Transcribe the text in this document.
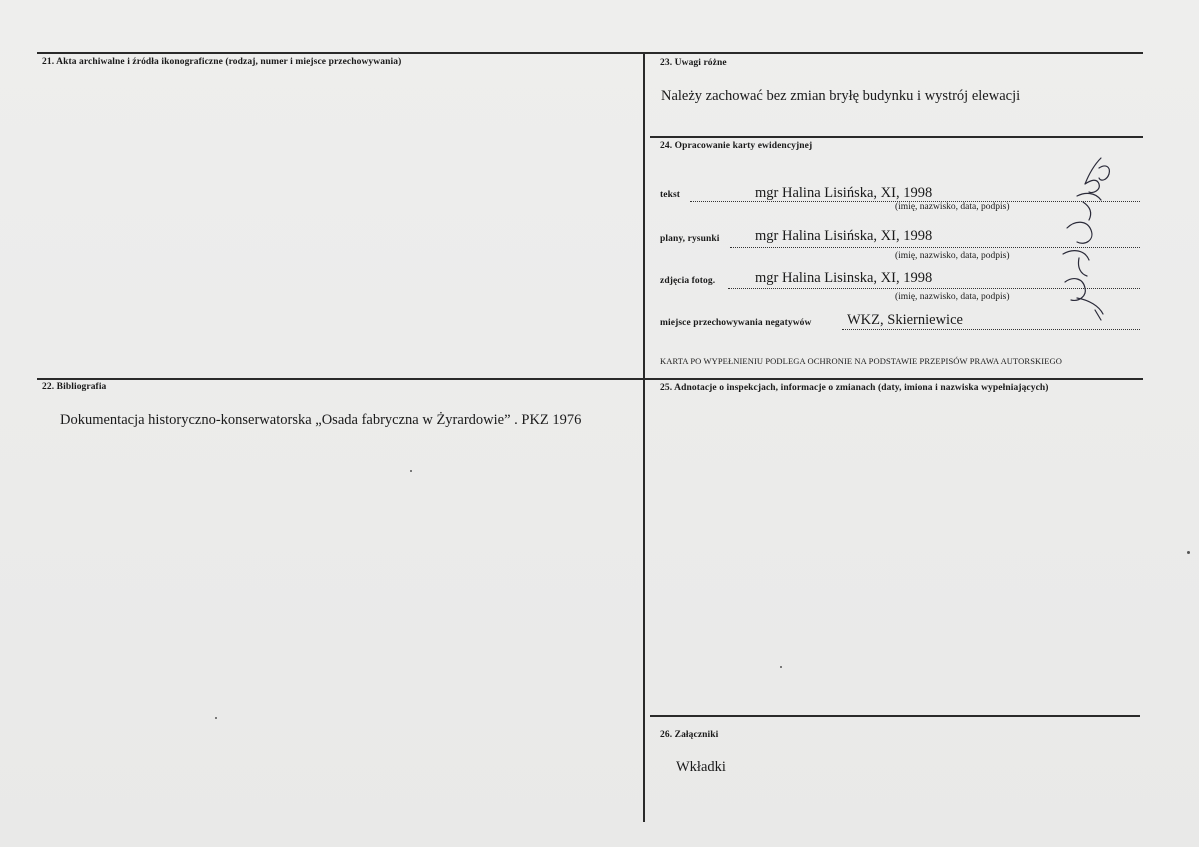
21. Akta archiwalne i źródła ikonograficzne (rodzaj, numer i miejsce przechowywania)
22. Bibliografia
Dokumentacja historyczno-konserwatorska „Osada fabryczna w Żyrardowie” . PKZ 1976
23. Uwagi różne
Należy zachować bez zmian bryłę budynku i wystrój elewacji
24. Opracowanie karty ewidencyjnej
tekst	mgr Halina Lisińska, XI, 1998
(imię, nazwisko, data, podpis)
plany, rysunki mgr Halina Lisińska, XI, 1998
(imię, nazwisko, data, podpis)
zdjęcia fotog.	mgr Halina Lisinska, XI, 1998
(imię, nazwisko, data, podpis)
miejsce przechowywania negatywów WKZ, Skierniewice
KARTA PO WYPEŁNIENIU PODLEGA OCHRONIE NA PODSTAWIE PRZEPISÓW PRAWA AUTORSKIEGO
25. Adnotacje o inspekcjach, informacje o zmianach (daty, imiona i nazwiska wypełniających)
26. Załączniki
Wkładki
